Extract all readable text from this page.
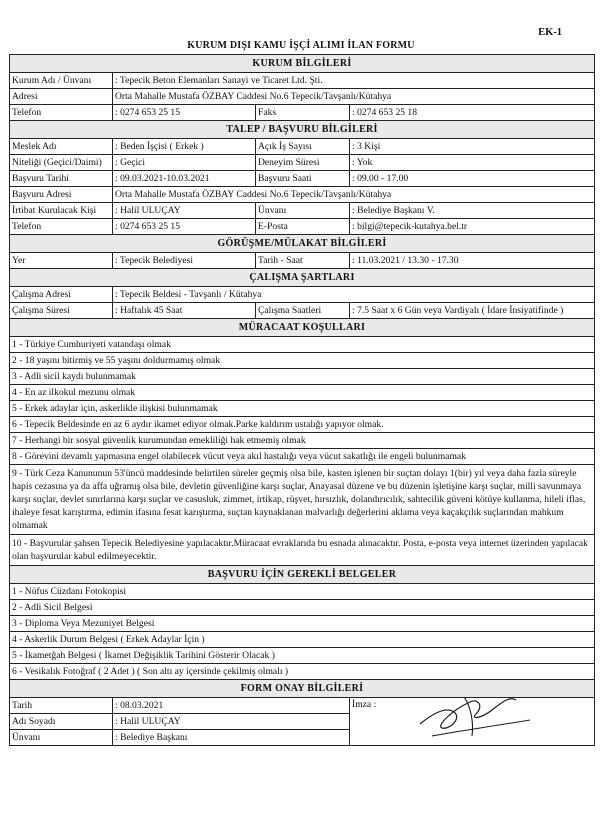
EK-1
KURUM DIŞI KAMU İŞÇİ ALIMI İLAN FORMU
KURUM BİLGİLERİ			
Kurum Adı / Ünvanı	: Tepecik Beton Elemanları Sanayi ve Ticaret Ltd. Şti.		
Adresi	Orta Mahalle Mustafa ÖZBAY Caddesi No.6 Tepecik/Tavşanlı/Kütahya		
Telefon	: 0274 653 25 15	Faks	: 0274 653 25 18
TALEP / BAŞVURU BİLGİLERİ			
Meslek Adı	: Beden İşçisi ( Erkek )	Açık İş Sayısı	: 3 Kişi
Niteliği (Geçici/Daimi)	: Geçici	Deneyim Süresi	: Yok
Başvuru Tarihi	: 09.03.2021-10.03.2021	Başvuru Saati	: 09.00 - 17.00
Başvuru Adresi	Orta Mahalle Mustafa ÖZBAY Caddesi No.6 Tepecik/Tavşanlı/Kütahya		
İrtibat Kurulacak Kişi	: Halil ULUÇAY	Ünvanı	: Belediye Başkanı V.
Telefon	: 0274 653 25 15	E-Posta	: bilgi@tepecik-kutahya.bel.tr
GÖRÜŞME/MÜLAKAT BİLGİLERİ			
Yer	: Tepecik Belediyesi	Tarih - Saat	: 11.03.2021 / 13.30 - 17.30
ÇALIŞMA ŞARTLARI			
Çalışma Adresi	: Tepecik Beldesi - Tavşanlı / Kütahya		
Çalışma Süresi	: Haftalık 45 Saat	Çalışma Saatleri	: 7.5 Saat x 6 Gün veya Vardiyalı ( İdare İnsiyatifinde )
MÜRACAAT KOŞULLARI			
1 - Türkiye Cumhuriyeti vatandaşı olmak			
2 - 18 yaşını bitirmiş ve 55 yaşını doldurmamış olmak			
3 - Adli sicil kaydı bulunmamak			
4 - En az ilkokul mezunu olmak			
5 - Erkek adaylar için, askerlikle ilişkisi bulunmamak			
6 - Tepecik Beldesinde en az 6 aydır ikamet ediyor olmak.Parke kaldırım ustalığı yapıyor olmak.			
7 - Herhangi bir sosyal güvenlik kurumundan emekliliği hak etmemiş olmak			
8 - Görevini devamlı yapmasına engel olabilecek vücut veya akıl hastalığı veya vücut sakatlığı ile engeli bulunmamak			
9 - Türk Ceza Kanununun 53'üncü maddesinde belirtilen süreler geçmiş olsa bile, kasten işlenen bir suçtan dolayı 1(bir) yıl veya daha fazla süreyle hapis cezasına ya da affa uğramış olsa bile, devletin güvenliğine karşı suçlar, Anayasal düzene ve bu düzenin işletişine karşı suçlar, milli savunmaya karşı suçlar, devlet sınırlarına karşı suçlar ve casusluk, zimmet, irtikap, rüşvet, hırsızlık, dolandırıcılık, sahtecilik güveni kötüye kullanma, hileli iflas, ihaleye fesat karıştırma, edimin ifasına fesat karıştırma, suçtan kaynaklanan malvarlığı değerlerini aklama veya kaçakçılık suçlarından mahkum olmamak			
10 - Başvurular şahsen Tepecik Belediyesine yapılacaktır.Müracaat evraklarıda bu esnada alınacaktır. Posta, e-posta veya internet üzerinden yapılacak olan başvurular kabul edilmeyecektir.			
BAŞVURU İÇİN GEREKLİ BELGELER			
1 - Nüfus Cüzdanı Fotokopisi			
2 - Adli Sicil Belgesi			
3 - Diploma Veya Mezuniyet Belgesi			
4 - Askerlik Durum Belgesi ( Erkek Adaylar İçin )			
5 - İkametğah Belgesi ( İkamet Değişiklik Tarihini Gösterir Olacak )			
6 - Vesikalık Fotoğraf ( 2 Adet ) ( Son altı ay içersinde çekilmiş olmalı )			
FORM ONAY BİLGİLERİ			
Tarih	: 08.03.2021		İmza :

Adı Soyadı	: Halil ULUÇAY		
Ünvanı	: Belediye Başkanı		
